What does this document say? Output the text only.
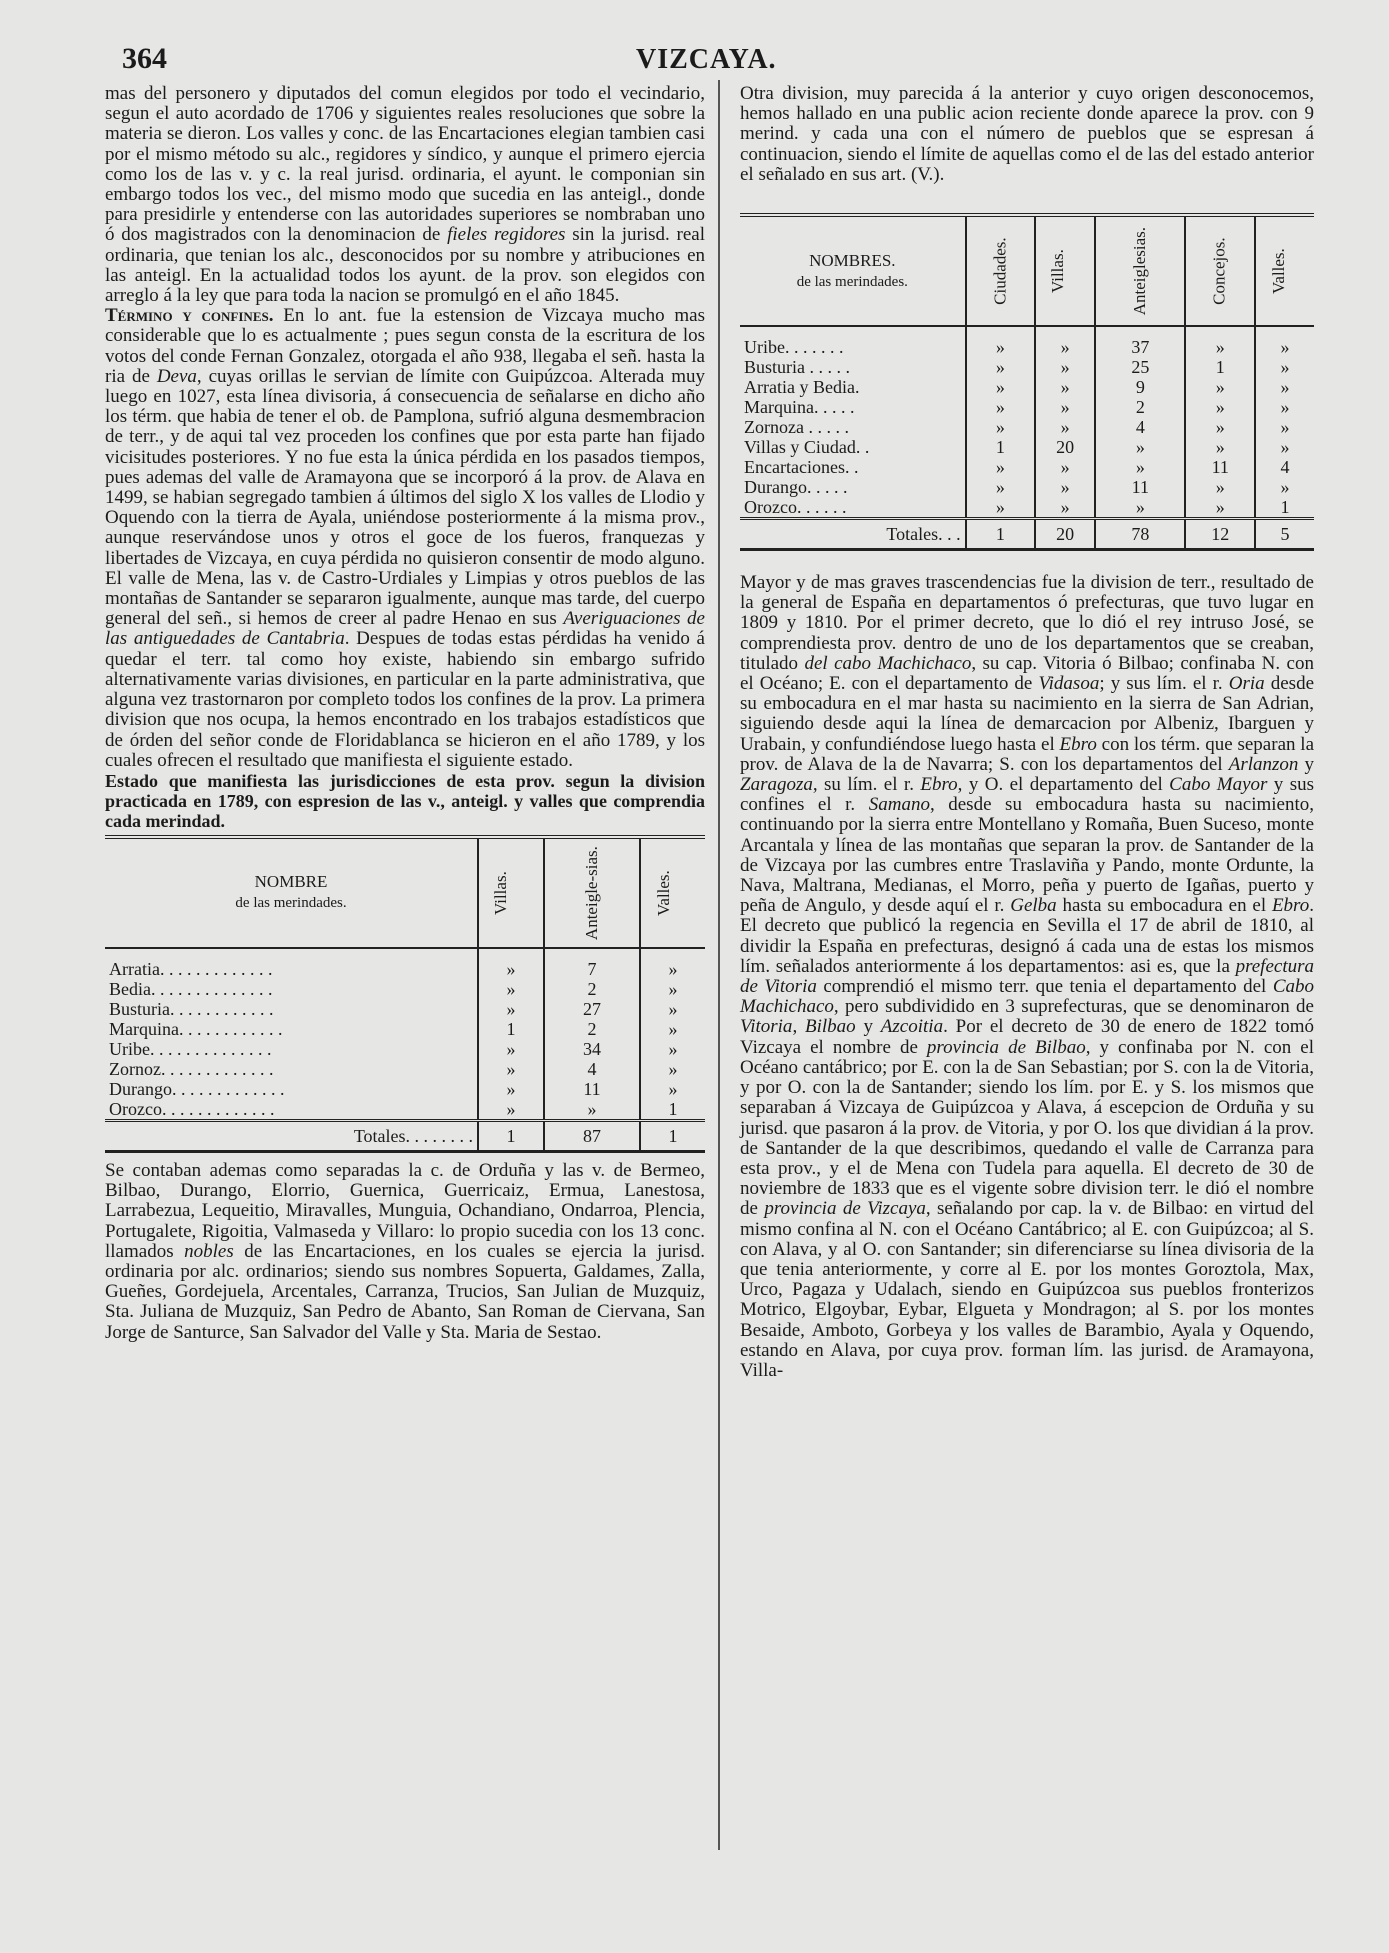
364	VIZCAYA.

mas del personero y diputados del comun elegidos por todo el vecindario, segun el auto acordado de 1706 y siguientes reales resoluciones que sobre la materia se dieron. Los valles y conc. de las Encartaciones elegian tambien casi por el mismo método su alc., regidores y síndico, y aunque el primero ejercia como los de las v. y c. la real jurisd. ordinaria, el ayunt. le componian sin embargo todos los vec., del mismo modo que sucedia en las anteigl., donde para presidirle y entenderse con las autoridades superiores se nombraban uno ó dos magistrados con la denominacion de fieles regidores sin la jurisd. real ordinaria, que tenian los alc., desconocidos por su nombre y atribuciones en las anteigl. En la actualidad todos los ayunt. de la prov. son elegidos con arreglo á la ley que para toda la nacion se promulgó en el año 1845.

Término y confines. En lo ant. fue la estension de Vizcaya mucho mas considerable que lo es actualmente ; pues segun consta de la escritura de los votos del conde Fernan Gonzalez, otorgada el año 938, llegaba el señ. hasta la ria de Deva, cuyas orillas le servian de límite con Guipúzcoa. Alterada muy luego en 1027, esta línea divisoria, á consecuencia de señalarse en dicho año los térm. que habia de tener el ob. de Pamplona, sufrió alguna desmembracion de terr., y de aqui tal vez proceden los confines que por esta parte han fijado vicisitudes posteriores. Y no fue esta la única pérdida en los pasados tiempos, pues ademas del valle de Aramayona que se incorporó á la prov. de Alava en 1499, se habian segregado tambien á últimos del siglo X los valles de Llodio y Oquendo con la tierra de Ayala, uniéndose posteriormente á la misma prov., aunque reservándose unos y otros el goce de los fueros, franquezas y libertades de Vizcaya, en cuya pérdida no quisieron consentir de modo alguno. El valle de Mena, las v. de Castro-Urdiales y Limpias y otros pueblos de las montañas de Santander se separaron igualmente, aunque mas tarde, del cuerpo general del señ., si hemos de creer al padre Henao en sus Averiguaciones de las antiguedades de Cantabria. Despues de todas estas pérdidas ha venido á quedar el terr. tal como hoy existe, habiendo sin embargo sufrido alternativamente varias divisiones, en particular en la parte administrativa, que alguna vez trastornaron por completo todos los confines de la prov. La primera division que nos ocupa, la hemos encontrado en los trabajos estadísticos que de órden del señor conde de Floridablanca se hicieron en el año 1789, y los cuales ofrecen el resultado que manifiesta el siguiente estado.

Estado que manifiesta las jurisdicciones de esta prov. segun la division practicada en 1789, con espresion de las v., anteigl. y valles que comprendia cada merindad.

NOMBRE
de las merindades.	Villas.	Anteigle-sias.	Valles.

Arratia. . . . . . . . . . . . .	»	7	»
Bedia. . . . . . . . . . . . . .	»	2	»
Busturia. . . . . . . . . . . .	»	27	»
Marquina. . . . . . . . . . . .	1	2	»
Uribe. . . . . . . . . . . . . .	»	34	»
Zornoz. . . . . . . . . . . . .	»	4	»
Durango. . . . . . . . . . . . .	»	11	»
Orozco. . . . . . . . . . . . .	»	»	1
Totales. . . . . . . .	1	87	1

Se contaban ademas como separadas la c. de Orduña y las v. de Bermeo, Bilbao, Durango, Elorrio, Guernica, Guerricaiz, Ermua, Lanestosa, Larrabezua, Lequeitio, Miravalles, Munguia, Ochandiano, Ondarroa, Plencia, Portugalete, Rigoitia, Valmaseda y Villaro: lo propio sucedia con los 13 conc. llamados nobles de las Encartaciones, en los cuales se ejercia la jurisd. ordinaria por alc. ordinarios; siendo sus nombres Sopuerta, Galdames, Zalla, Gueñes, Gordejuela, Arcentales, Carranza, Trucios, San Julian de Muzquiz, Sta. Juliana de Muzquiz, San Pedro de Abanto, San Roman de Ciervana, San Jorge de Santurce, San Salvador del Valle y Sta. Maria de Sestao.

Otra division, muy parecida á la anterior y cuyo origen desconocemos, hemos hallado en una public acion reciente donde aparece la prov. con 9 merind. y cada una con el número de pueblos que se espresan á continuacion, siendo el límite de aquellas como el de las del estado anterior el señalado en sus art. (V.).

NOMBRES.
de las merindades.	Ciudades.	Villas.	Anteiglesias.	Concejos.	Valles.

Uribe. . . . . . .	»	»	37	»	»
Busturia . . . . .	»	»	25	1	»
Arratia y Bedia.	»	»	9	»	»
Marquina. . . . .	»	»	2	»	»
Zornoza . . . . .	»	»	4	»	»
Villas y Ciudad. .	1	20	»	»	»
Encartaciones. .	»	»	»	11	4
Durango. . . . .	»	»	11	»	»
Orozco. . . . . .	»	»	»	»	1
Totales. . .	1	20	78	12	5

Mayor y de mas graves trascendencias fue la division de terr., resultado de la general de España en departamentos ó prefecturas, que tuvo lugar en 1809 y 1810. Por el primer decreto, que lo dió el rey intruso José, se comprendiesta prov. dentro de uno de los departamentos que se creaban, titulado del cabo Machichaco, su cap. Vitoria ó Bilbao; confinaba N. con el Océano; E. con el departamento de Vidasoa; y sus lím. el r. Oria desde su embocadura en el mar hasta su nacimiento en la sierra de San Adrian, siguiendo desde aqui la línea de demarcacion por Albeniz, Ibarguen y Urabain, y confundiéndose luego hasta el Ebro con los térm. que separan la prov. de Alava de la de Navarra; S. con los departamentos del Arlanzon y Zaragoza, su lím. el r. Ebro, y O. el departamento del Cabo Mayor y sus confines el r. Samano, desde su embocadura hasta su nacimiento, continuando por la sierra entre Montellano y Romaña, Buen Suceso, monte Arcantala y línea de las montañas que separan la prov. de Santander de la de Vizcaya por las cumbres entre Traslaviña y Pando, monte Ordunte, la Nava, Maltrana, Medianas, el Morro, peña y puerto de Igañas, puerto y peña de Angulo, y desde aquí el r. Gelba hasta su embocadura en el Ebro. El decreto que publicó la regencia en Sevilla el 17 de abril de 1810, al dividir la España en prefecturas, designó á cada una de estas los mismos lím. señalados anteriormente á los departamentos: asi es, que la prefectura de Vitoria comprendió el mismo terr. que tenia el departamento del Cabo Machichaco, pero subdividido en 3 suprefecturas, que se denominaron de Vitoria, Bilbao y Azcoitia. Por el decreto de 30 de enero de 1822 tomó Vizcaya el nombre de provincia de Bilbao, y confinaba por N. con el Océano cantábrico; por E. con la de San Sebastian; por S. con la de Vitoria, y por O. con la de Santander; siendo los lím. por E. y S. los mismos que separaban á Vizcaya de Guipúzcoa y Alava, á escepcion de Orduña y su jurisd. que pasaron á la prov. de Vitoria, y por O. los que dividian á la prov. de Santander de la que describimos, quedando el valle de Carranza para esta prov., y el de Mena con Tudela para aquella. El decreto de 30 de noviembre de 1833 que es el vigente sobre division terr. le dió el nombre de provincia de Vizcaya, señalando por cap. la v. de Bilbao: en virtud del mismo confina al N. con el Océano Cantábrico; al E. con Guipúzcoa; al S. con Alava, y al O. con Santander; sin diferenciarse su línea divisoria de la que tenia anteriormente, y corre al E. por los montes Goroztola, Max, Urco, Pagaza y Udalach, siendo en Guipúzcoa sus pueblos fronterizos Motrico, Elgoybar, Eybar, Elgueta y Mondragon; al S. por los montes Besaide, Amboto, Gorbeya y los valles de Barambio, Ayala y Oquendo, estando en Alava, por cuya prov. forman lím. las jurisd. de Aramayona, Villa-
